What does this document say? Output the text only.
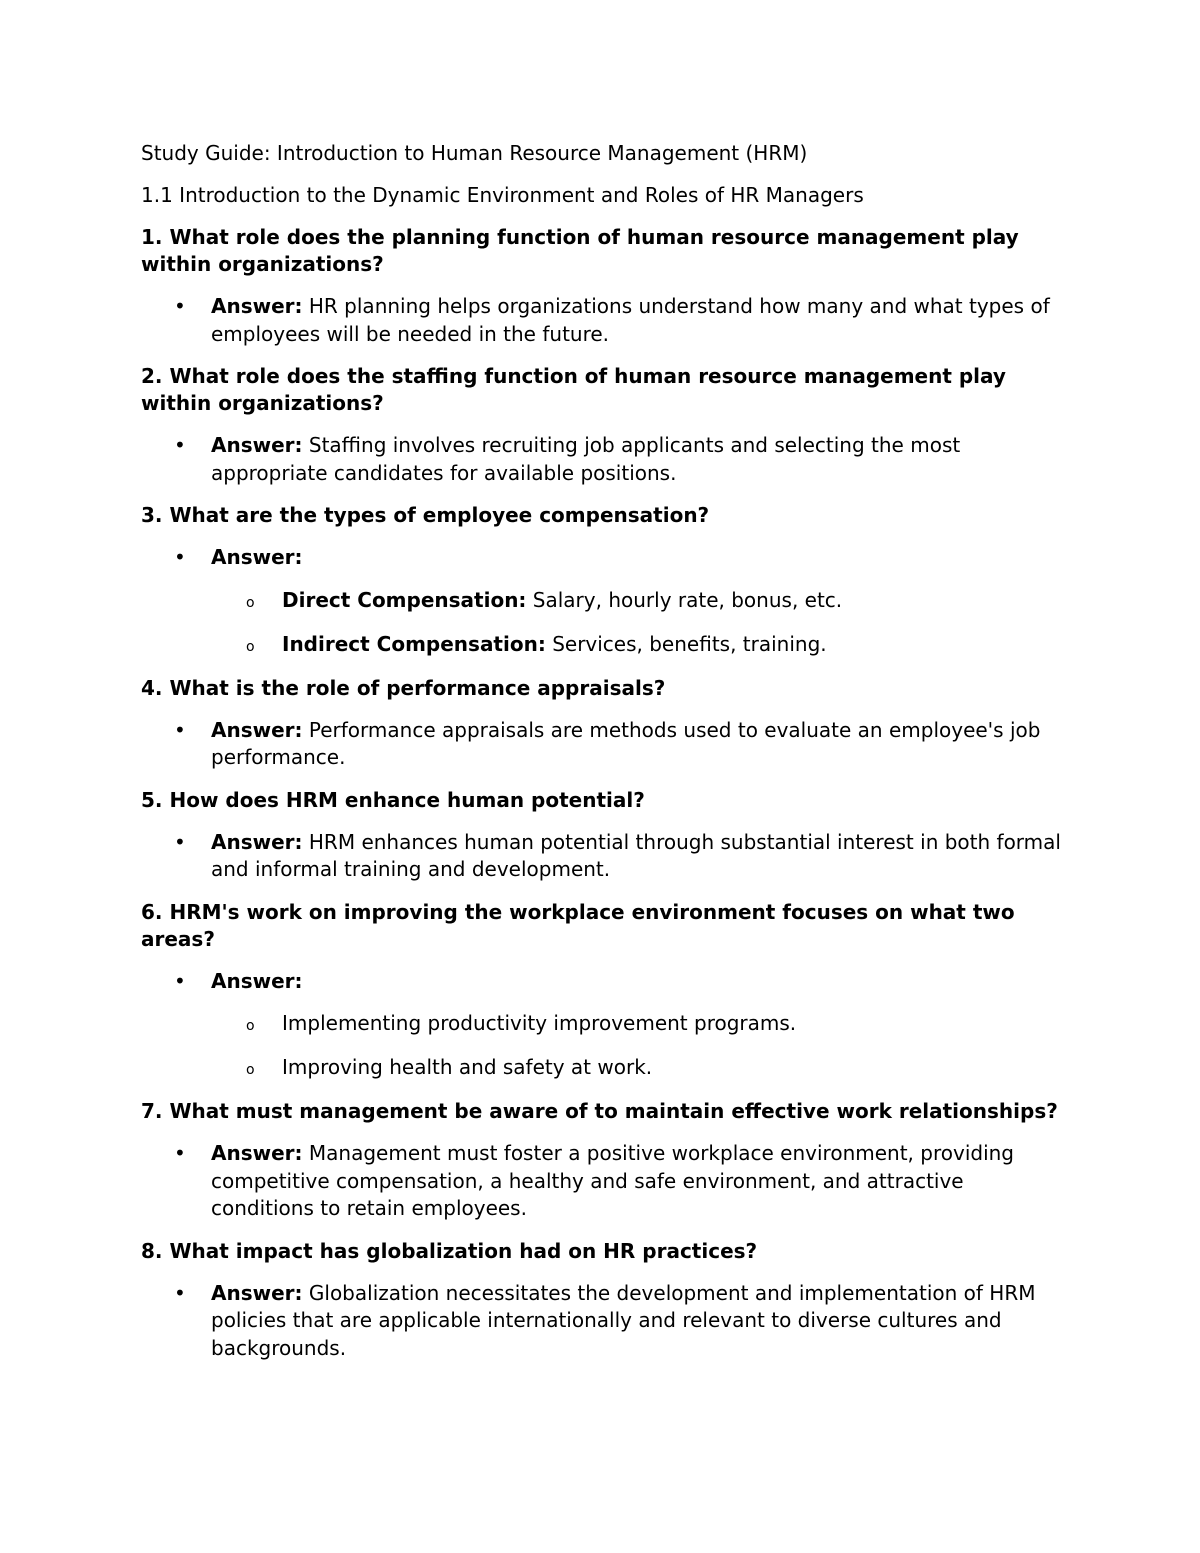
Study Guide: Introduction to Human Resource Management (HRM)
1.1 Introduction to the Dynamic Environment and Roles of HR Managers
1. What role does the planning function of human resource management play within organizations?
• Answer: HR planning helps organizations understand how many and what types of employees will be needed in the future.
2. What role does the staffing function of human resource management play within organizations?
• Answer: Staffing involves recruiting job applicants and selecting the most appropriate candidates for available positions.
3. What are the types of employee compensation?
• Answer:
o Direct Compensation: Salary, hourly rate, bonus, etc.
o Indirect Compensation: Services, benefits, training.
4. What is the role of performance appraisals?
• Answer: Performance appraisals are methods used to evaluate an employee's job performance.
5. How does HRM enhance human potential?
• Answer: HRM enhances human potential through substantial interest in both formal and informal training and development.
6. HRM's work on improving the workplace environment focuses on what two areas?
• Answer:
o Implementing productivity improvement programs.
o Improving health and safety at work.
7. What must management be aware of to maintain effective work relationships?
• Answer: Management must foster a positive workplace environment, providing competitive compensation, a healthy and safe environment, and attractive conditions to retain employees.
8. What impact has globalization had on HR practices?
• Answer: Globalization necessitates the development and implementation of HRM policies that are applicable internationally and relevant to diverse cultures and backgrounds.
